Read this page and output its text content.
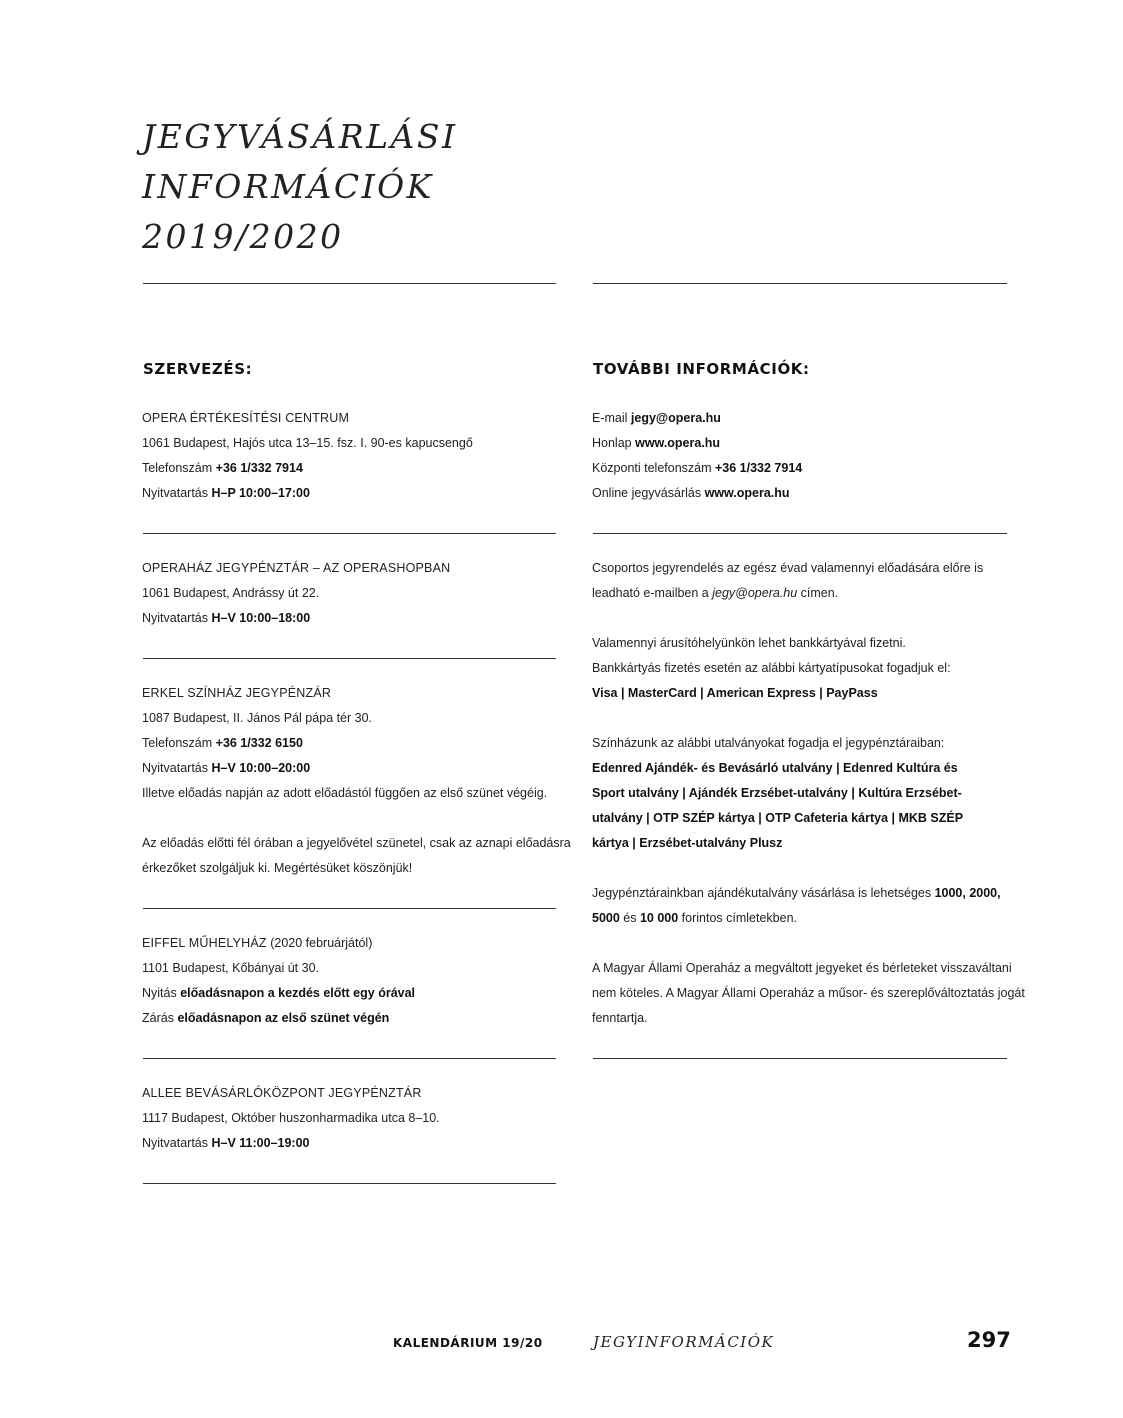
JEGYVÁSÁRLÁSI
INFORMÁCIÓK
2019/2020
SZERVEZÉS:
OPERA ÉRTÉKESÍTÉSI CENTRUM
1061 Budapest, Hajós utca 13–15. fsz. I. 90-es kapucsengő
Telefonszám +36 1/332 7914
Nyitvatartás H–P 10:00–17:00
OPERAHÁZ JEGYPÉNZTÁR – AZ OPERASHOPBAN
1061 Budapest, Andrássy út 22.
Nyitvatartás H–V 10:00–18:00
ERKEL SZÍNHÁZ JEGYPÉNZÁR
1087 Budapest, II. János Pál pápa tér 30.
Telefonszám +36 1/332 6150
Nyitvatartás H–V 10:00–20:00
Illetve előadás napján az adott előadástól függően az első szünet végéig.
Az előadás előtti fél órában a jegyelővétel szünetel, csak az aznapi előadásra
érkezőket szolgáljuk ki. Megértésüket köszönjük!
EIFFEL MŰHELYHÁZ (2020 februárjától)
1101 Budapest, Kőbányai út 30.
Nyitás előadásnapon a kezdés előtt egy órával
Zárás előadásnapon az első szünet végén
ALLEE BEVÁSÁRLÓKÖZPONT JEGYPÉNZTÁR
1117 Budapest, Október huszonharmadika utca 8–10.
Nyitvatartás H–V 11:00–19:00
TOVÁBBI INFORMÁCIÓK:
E-mail jegy@opera.hu
Honlap www.opera.hu
Központi telefonszám +36 1/332 7914
Online jegyvásárlás www.opera.hu
Csoportos jegyrendelés az egész évad valamennyi előadására előre is
leadható e-mailben a jegy@opera.hu címen.
Valamennyi árusítóhelyünkön lehet bankkártyával fizetni.
Bankkártyás fizetés esetén az alábbi kártyatípusokat fogadjuk el:
Visa | MasterCard | American Express | PayPass
Színházunk az alábbi utalványokat fogadja el jegypénztáraiban:
Edenred Ajándék- és Bevásárló utalvány | Edenred Kultúra és
Sport utalvány | Ajándék Erzsébet-utalvány | Kultúra Erzsébet-
utalvány | OTP SZÉP kártya | OTP Cafeteria kártya | MKB SZÉP
kártya | Erzsébet-utalvány Plusz
Jegypénztárainkban ajándékutalvány vásárlása is lehetséges 1000, 2000,
5000 és 10 000 forintos címletekben.
A Magyar Állami Operaház a megváltott jegyeket és bérleteket visszaváltani
nem köteles. A Magyar Állami Operaház a műsor- és szereplőváltoztatás jogát
fenntartja.
KALENDÁRIUM 19/20	JEGYINFORMÁCIÓK	297
